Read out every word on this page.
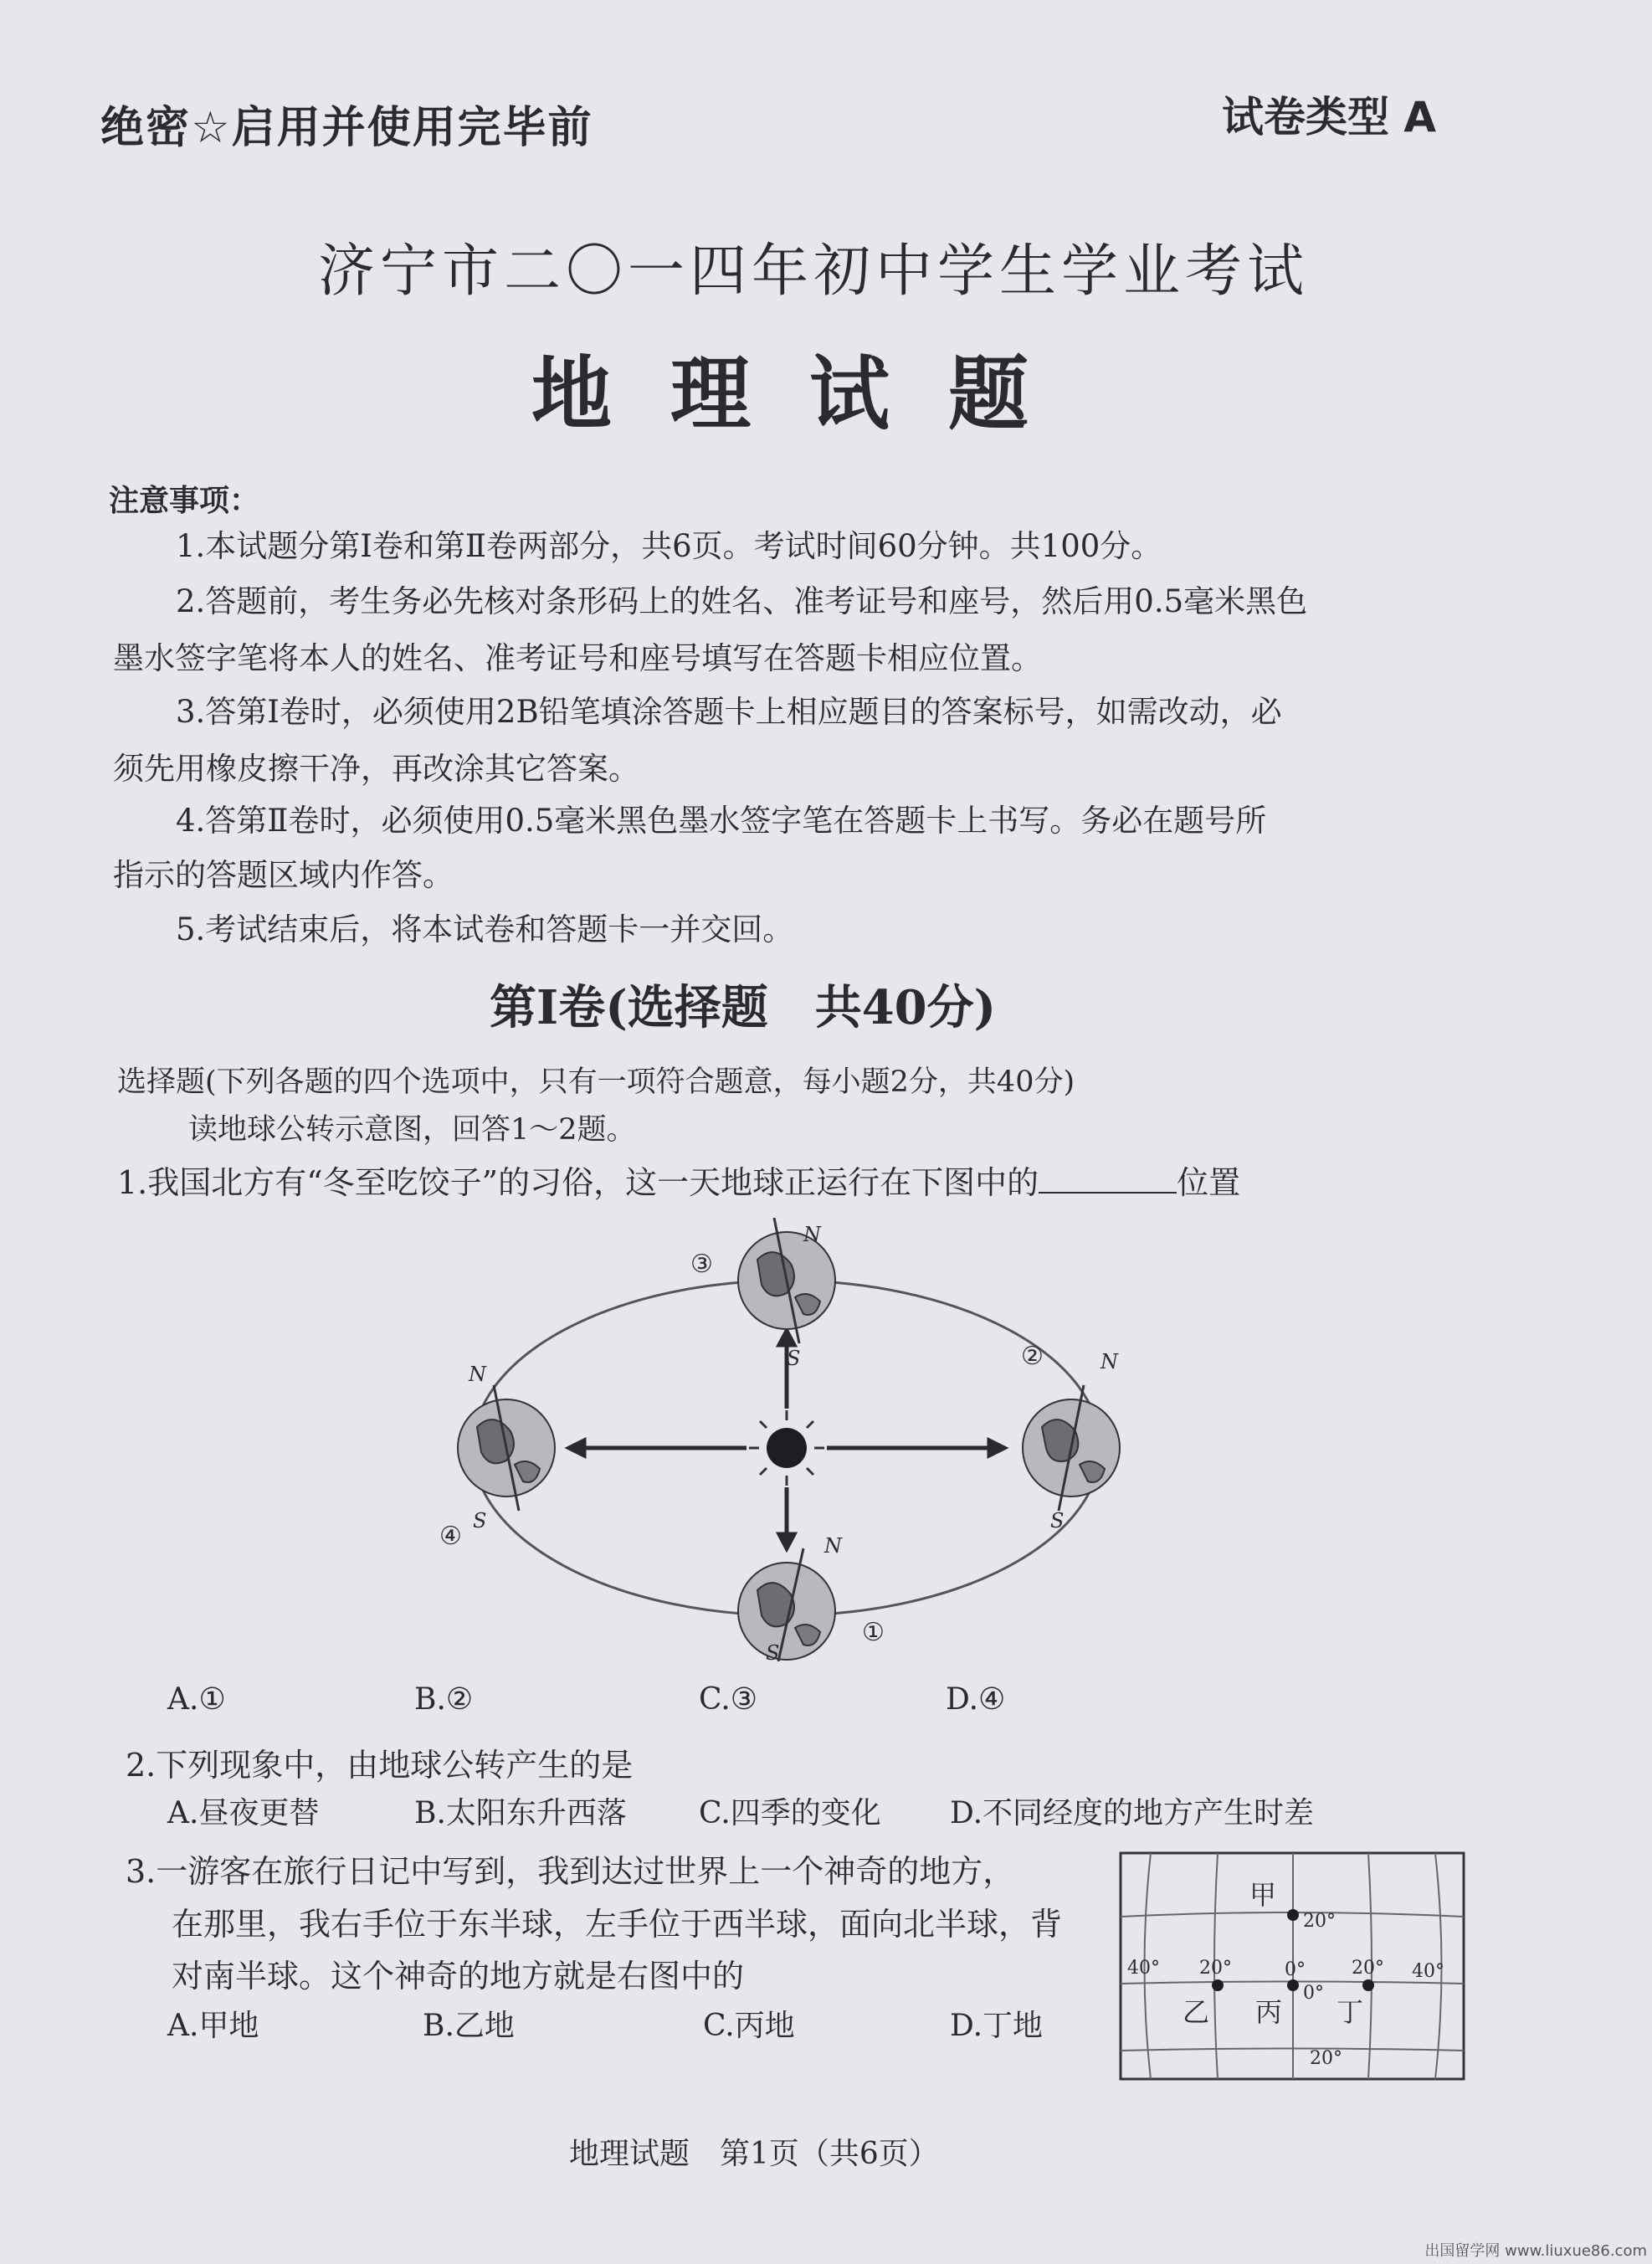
绝密☆启用并使用完毕前	试卷类型 A
济宁市二〇一四年初中学生学业考试
地理试题
注意事项：
1.本试题分第Ⅰ卷和第Ⅱ卷两部分，共6页。考试时间60分钟。共100分。
2.答题前，考生务必先核对条形码上的姓名、准考证号和座号，然后用0.5毫米黑色
墨水签字笔将本人的姓名、准考证号和座号填写在答题卡相应位置。
3.答第Ⅰ卷时，必须使用2B铅笔填涂答题卡上相应题目的答案标号，如需改动，必
须先用橡皮擦干净，再改涂其它答案。
4.答第Ⅱ卷时，必须使用0.5毫米黑色墨水签字笔在答题卡上书写。务必在题号所
指示的答题区域内作答。
5.考试结束后，将本试卷和答题卡一并交回。
第Ⅰ卷(选择题　共40分)
选择题(下列各题的四个选项中，只有一项符合题意，每小题2分，共40分)
读地球公转示意图，回答1～2题。
1.我国北方有“冬至吃饺子”的习俗，这一天地球正运行在下图中的	位置
③
②
①
④
N
S	N
S
N
S
N
S
A.①	B.②	C.③	D.④
2.下列现象中，由地球公转产生的是
A.昼夜更替	B.太阳东升西落 C.四季的变化 D.不同经度的地方产生时差
3.一游客在旅行日记中写到，我到达过世界上一个神奇的地方，
在那里，我右手位于东半球，左手位于西半球，面向北半球，背
对南半球。这个神奇的地方就是右图中的
A.甲地	B.乙地	C.丙地	D.丁地
甲
乙 丙 丁
20°
40° 20°	0°	20° 40°
0°
20°
地理试题　第1页（共6页）
出国留学网 www.liuxue86.com
